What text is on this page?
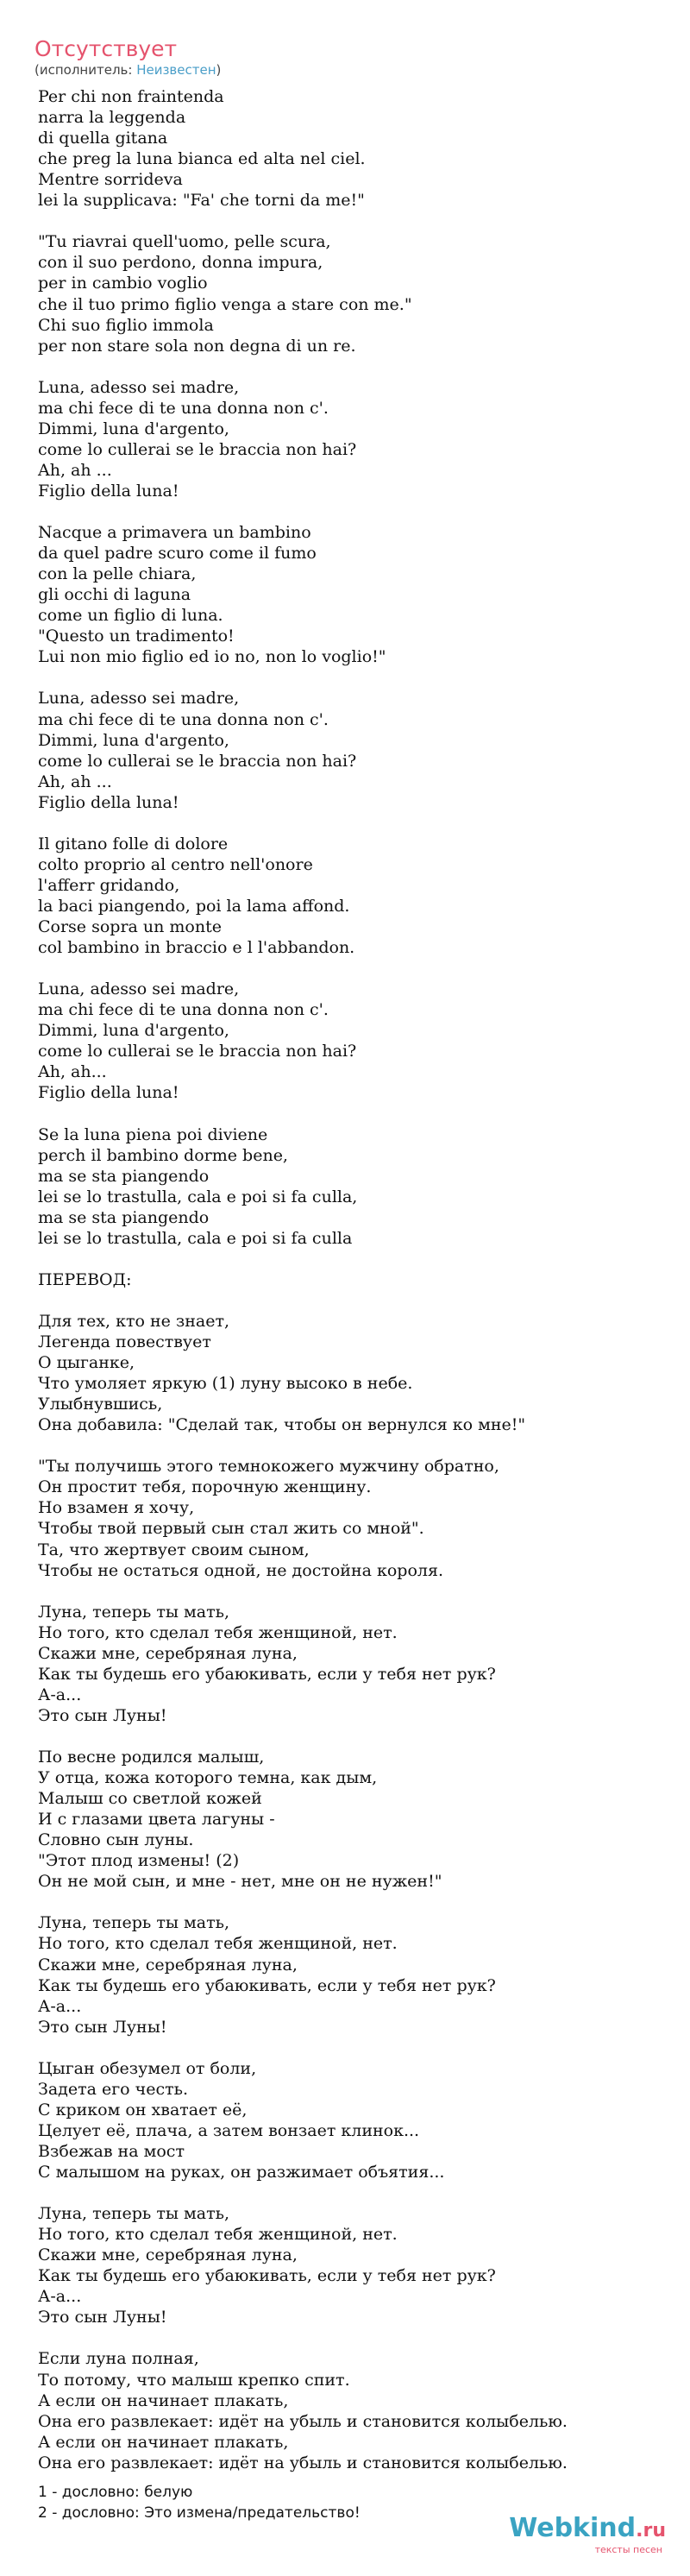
Отсутствует
(исполнитель: Неизвестен)
Per chi non fraintenda
narra la leggenda
di quella gitana
che preg la luna bianca ed alta nel ciel.
Mentre sorrideva
lei la supplicava: "Fa' che torni da me!"
"Tu riavrai quell'uomo, pelle scura,
con il suo perdono, donna impura,
per in cambio voglio
che il tuo primo figlio venga a stare con me."
Chi suo figlio immola
per non stare sola non degna di un re.
Luna, adesso sei madre,
ma chi fece di te una donna non c'.
Dimmi, luna d'argento,
come lo cullerai se le braccia non hai?
Ah, ah ...
Figlio della luna!
Nacque a primavera un bambino
da quel padre scuro come il fumo
con la pelle chiara,
gli occhi di laguna
come un figlio di luna.
"Questo un tradimento!
Lui non mio figlio ed io no, non lo voglio!"
Luna, adesso sei madre,
ma chi fece di te una donna non c'.
Dimmi, luna d'argento,
come lo cullerai se le braccia non hai?
Ah, ah ...
Figlio della luna!
Il gitano folle di dolore
colto proprio al centro nell'onore
l'afferr gridando,
la baci piangendo, poi la lama affond.
Corse sopra un monte
col bambino in braccio e l l'abbandon.
Luna, adesso sei madre,
ma chi fece di te una donna non c'.
Dimmi, luna d'argento,
come lo cullerai se le braccia non hai?
Ah, ah...
Figlio della luna!
Se la luna piena poi diviene
perch il bambino dorme bene,
ma se sta piangendo
lei se lo trastulla, cala e poi si fa culla,
ma se sta piangendo
lei se lo trastulla, cala e poi si fa culla
ПЕРЕВОД:
Для тех, кто не знает,
Легенда повествует
О цыганке,
Что умоляет яркую (1) луну высоко в небе.
Улыбнувшись,
Она добавила: "Сделай так, чтобы он вернулся ко мне!"
"Ты получишь этого темнокожего мужчину обратно,
Он простит тебя, порочную женщину.
Но взамен я хочу,
Чтобы твой первый сын стал жить со мной".
Та, что жертвует своим сыном,
Чтобы не остаться одной, не достойна короля.
Луна, теперь ты мать,
Но того, кто сделал тебя женщиной, нет.
Скажи мне, серебряная луна,
Как ты будешь его убаюкивать, если у тебя нет рук?
А-а...
Это сын Луны!
По весне родился малыш,
У отца, кожа которого темна, как дым,
Малыш со светлой кожей
И с глазами цвета лагуны -
Словно сын луны.
"Этот плод измены! (2)
Он не мой сын, и мне - нет, мне он не нужен!"
Луна, теперь ты мать,
Но того, кто сделал тебя женщиной, нет.
Скажи мне, серебряная луна,
Как ты будешь его убаюкивать, если у тебя нет рук?
А-а...
Это сын Луны!
Цыган обезумел от боли,
Задета его честь.
С криком он хватает её,
Целует её, плача, а затем вонзает клинок...
Взбежав на мост
С малышом на руках, он разжимает объятия...
Луна, теперь ты мать,
Но того, кто сделал тебя женщиной, нет.
Скажи мне, серебряная луна,
Как ты будешь его убаюкивать, если у тебя нет рук?
А-а...
Это сын Луны!
Если луна полная,
То потому, что малыш крепко спит.
А если он начинает плакать,
Она его развлекает: идёт на убыль и становится колыбелью.
А если он начинает плакать,
Она его развлекает: идёт на убыль и становится колыбелью.
1 - дословно: белую
2 - дословно: Это измена/предательство!	Webkind.ru
тексты песен
